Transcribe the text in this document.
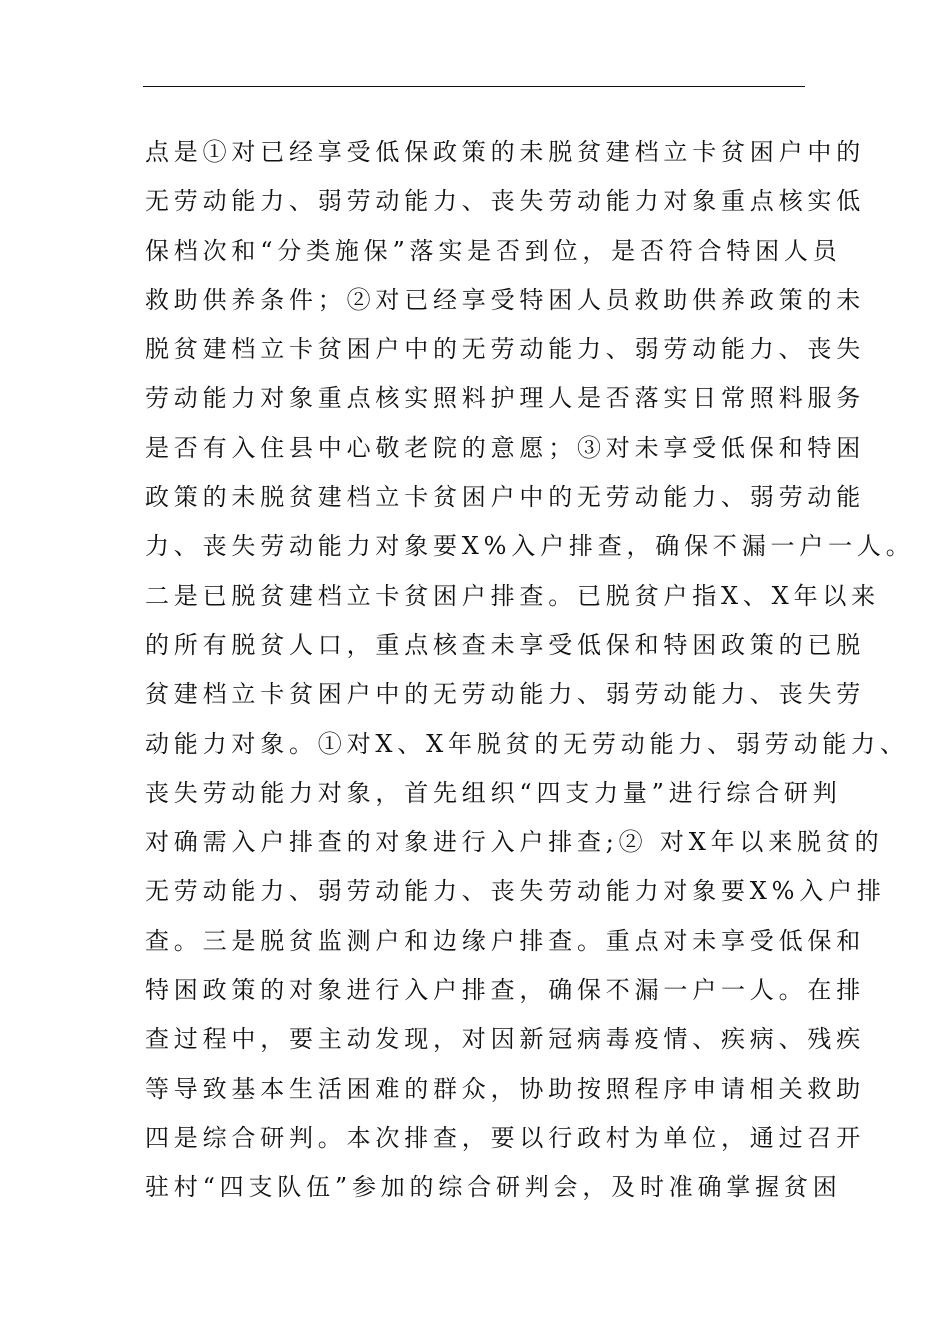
点是①对已经享受低保政策的未脱贫建档立卡贫困户中的
无劳动能力、弱劳动能力、丧失劳动能力对象重点核实低
保档次和“分类施保”落实是否到位，是否符合特困人员
救助供养条件；②对已经享受特困人员救助供养政策的未
脱贫建档立卡贫困户中的无劳动能力、弱劳动能力、丧失
劳动能力对象重点核实照料护理人是否落实日常照料服务
是否有入住县中心敬老院的意愿；③对未享受低保和特困
政策的未脱贫建档立卡贫困户中的无劳动能力、弱劳动能
力、丧失劳动能力对象要X%入户排查，确保不漏一户一人。
二是已脱贫建档立卡贫困户排查。已脱贫户指X、X年以来
的所有脱贫人口，重点核查未享受低保和特困政策的已脱
贫建档立卡贫困户中的无劳动能力、弱劳动能力、丧失劳
动能力对象。①对X、X年脱贫的无劳动能力、弱劳动能力、
丧失劳动能力对象，首先组织“四支力量”进行综合研判
对确需入户排查的对象进行入户排查;② 对X年以来脱贫的
无劳动能力、弱劳动能力、丧失劳动能力对象要X%入户排
查。三是脱贫监测户和边缘户排查。重点对未享受低保和
特困政策的对象进行入户排查，确保不漏一户一人。在排
查过程中，要主动发现，对因新冠病毒疫情、疾病、残疾
等导致基本生活困难的群众，协助按照程序申请相关救助
四是综合研判。本次排查，要以行政村为单位，通过召开
驻村“四支队伍”参加的综合研判会，及时准确掌握贫困
